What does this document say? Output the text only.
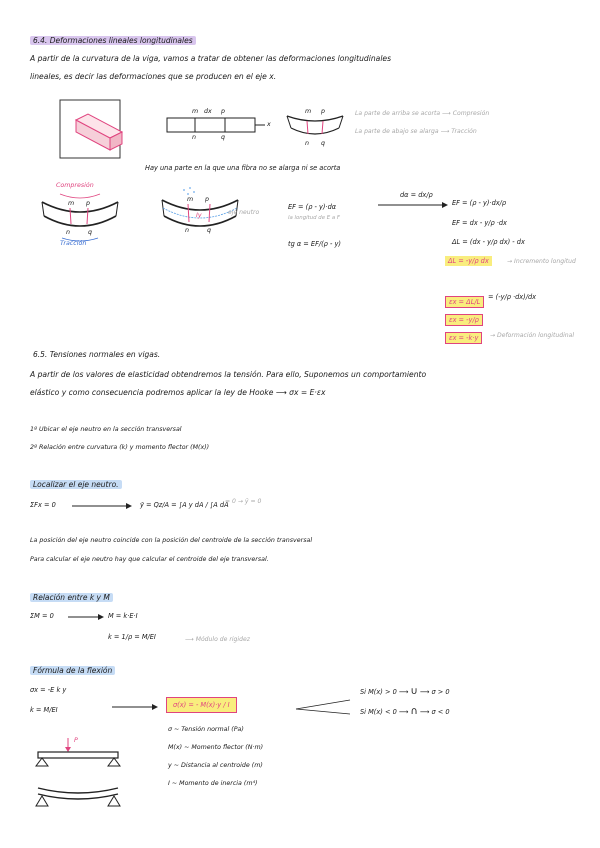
6.4. Deformaciones lineales longitudinales
A partir de la curvatura de la viga, vamos a tratar de obtener las deformaciones longitudinales
lineales, es decir las deformaciones que se producen en el eje x.
m dx p
n	q
x
m p
n q
La parte de arriba se acorta ⟶ Compresión
La parte de abajo se alarga ⟶ Tracción
Hay una parte en la que una fibra no se alarga ni se acorta
Compresión
m p
n	q
Tracción
m p
n	q
Iy	eje neutro
EF = (ρ - y)·dα
la longitud de E a F
tg α = EF/(ρ - y)
dα = dx/ρ
EF = (ρ - y)·dx/ρ
EF = dx - y/ρ ·dx
ΔL = (dx - y/ρ dx) - dx
ΔL = -y/ρ dx	→ Incremento longitud
εx = ΔL/L
= (-y/ρ ·dx)/dx
εx = -y/ρ
εx = -k·y	→ Deformación longitudinal
6.5. Tensiones normales en vigas.
A partir de los valores de elasticidad obtendremos la tensión. Para ello, Suponemos un comportamiento
elástico y como consecuencia podremos aplicar la ley de Hooke ⟶ σx = E·εx
1º Ubicar el eje neutro en la sección transversal
2º Relación entre curvatura (k) y momento flector (M(x))
Localizar el eje neutro.
ΣFx = 0	ȳ = Qz/A = ∫A y dA / ∫A dA
= 0 → ȳ = 0
La posición del eje neutro coincide con la posición del centroide de la sección transversal
Para calcular el eje neutro hay que calcular el centroide del eje transversal.
Relación entre k y M
ΣM = 0	M = k·E·I
k = 1/ρ = M/EI	⟶ Módulo de rigidez
Fórmula de la flexión
σx = -E k y
k = M/EI
σ(x) = - M(x)·y / I
Si M(x) > 0 ⟶ ∪ ⟶ σ > 0
Si M(x) < 0 ⟶ ∩ ⟶ σ < 0
σ ~ Tensión normal (Pa)
M(x) ~ Momento flector (N·m)
y ~ Distancia al centroide (m)
I ~ Momento de inercia (m⁴)
P
